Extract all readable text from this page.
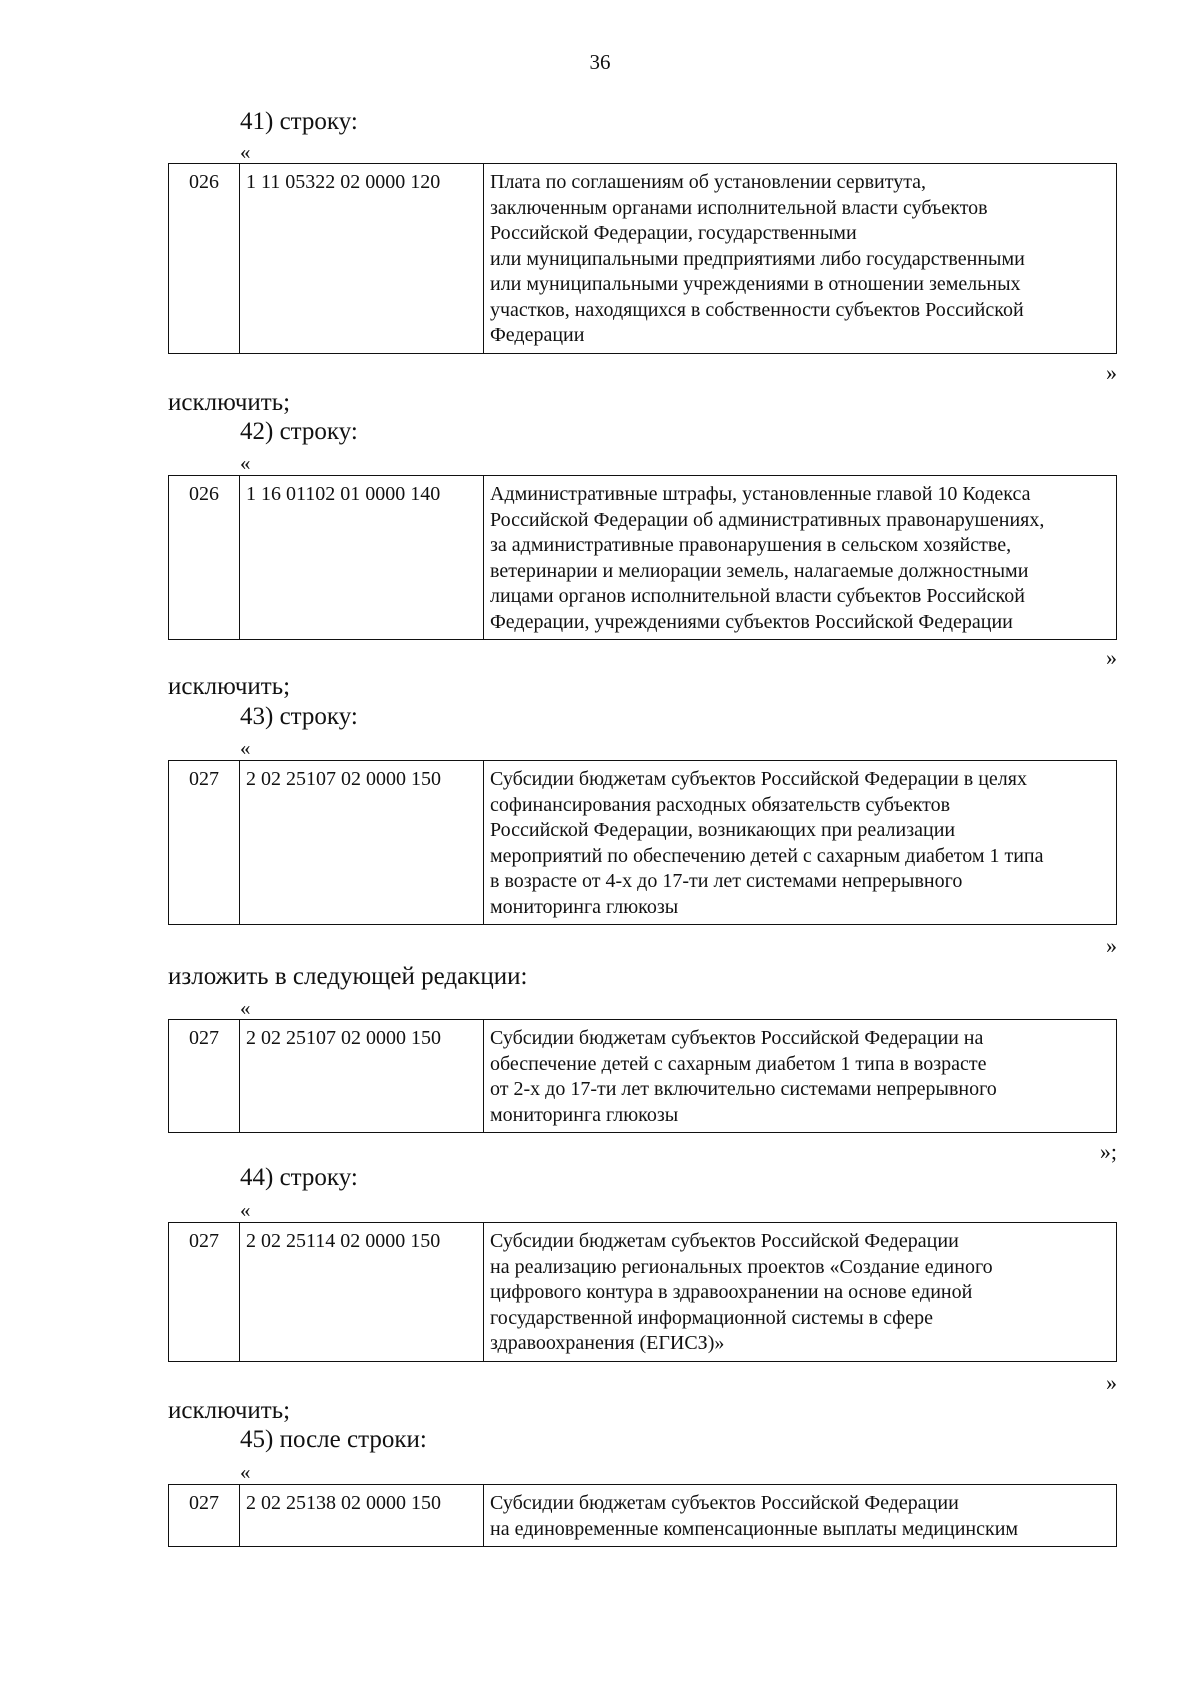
36
41) строку:
«
026	1 11 05322 02 0000 120	Плата по соглашениям об установлении сервитута,
заключенным органами исполнительной власти субъектов
Российской Федерации, государственными
или муниципальными предприятиями либо государственными
или муниципальными учреждениями в отношении земельных
участков, находящихся в собственности субъектов Российской
Федерации
»
исключить;
42) строку:
«
026	1 16 01102 01 0000 140	Административные штрафы, установленные главой 10 Кодекса
Российской Федерации об административных правонарушениях,
за административные правонарушения в сельском хозяйстве,
ветеринарии и мелиорации земель, налагаемые должностными
лицами органов исполнительной власти субъектов Российской
Федерации, учреждениями субъектов Российской Федерации
»
исключить;
43) строку:
«
027	2 02 25107 02 0000 150	Субсидии бюджетам субъектов Российской Федерации в целях
софинансирования расходных обязательств субъектов
Российской Федерации, возникающих при реализации
мероприятий по обеспечению детей с сахарным диабетом 1 типа
в возрасте от 4-х до 17-ти лет системами непрерывного
мониторинга глюкозы
»
изложить в следующей редакции:
«
027	2 02 25107 02 0000 150	Субсидии бюджетам субъектов Российской Федерации на
обеспечение детей с сахарным диабетом 1 типа в возрасте
от 2-х до 17-ти лет включительно системами непрерывного
мониторинга глюкозы
»;
44) строку:
«
027	2 02 25114 02 0000 150	Субсидии бюджетам субъектов Российской Федерации
на реализацию региональных проектов «Создание единого
цифрового контура в здравоохранении на основе единой
государственной информационной системы в сфере
здравоохранения (ЕГИСЗ)»
»
исключить;
45) после строки:
«
027	2 02 25138 02 0000 150	Субсидии бюджетам субъектов Российской Федерации
на единовременные компенсационные выплаты медицинским
